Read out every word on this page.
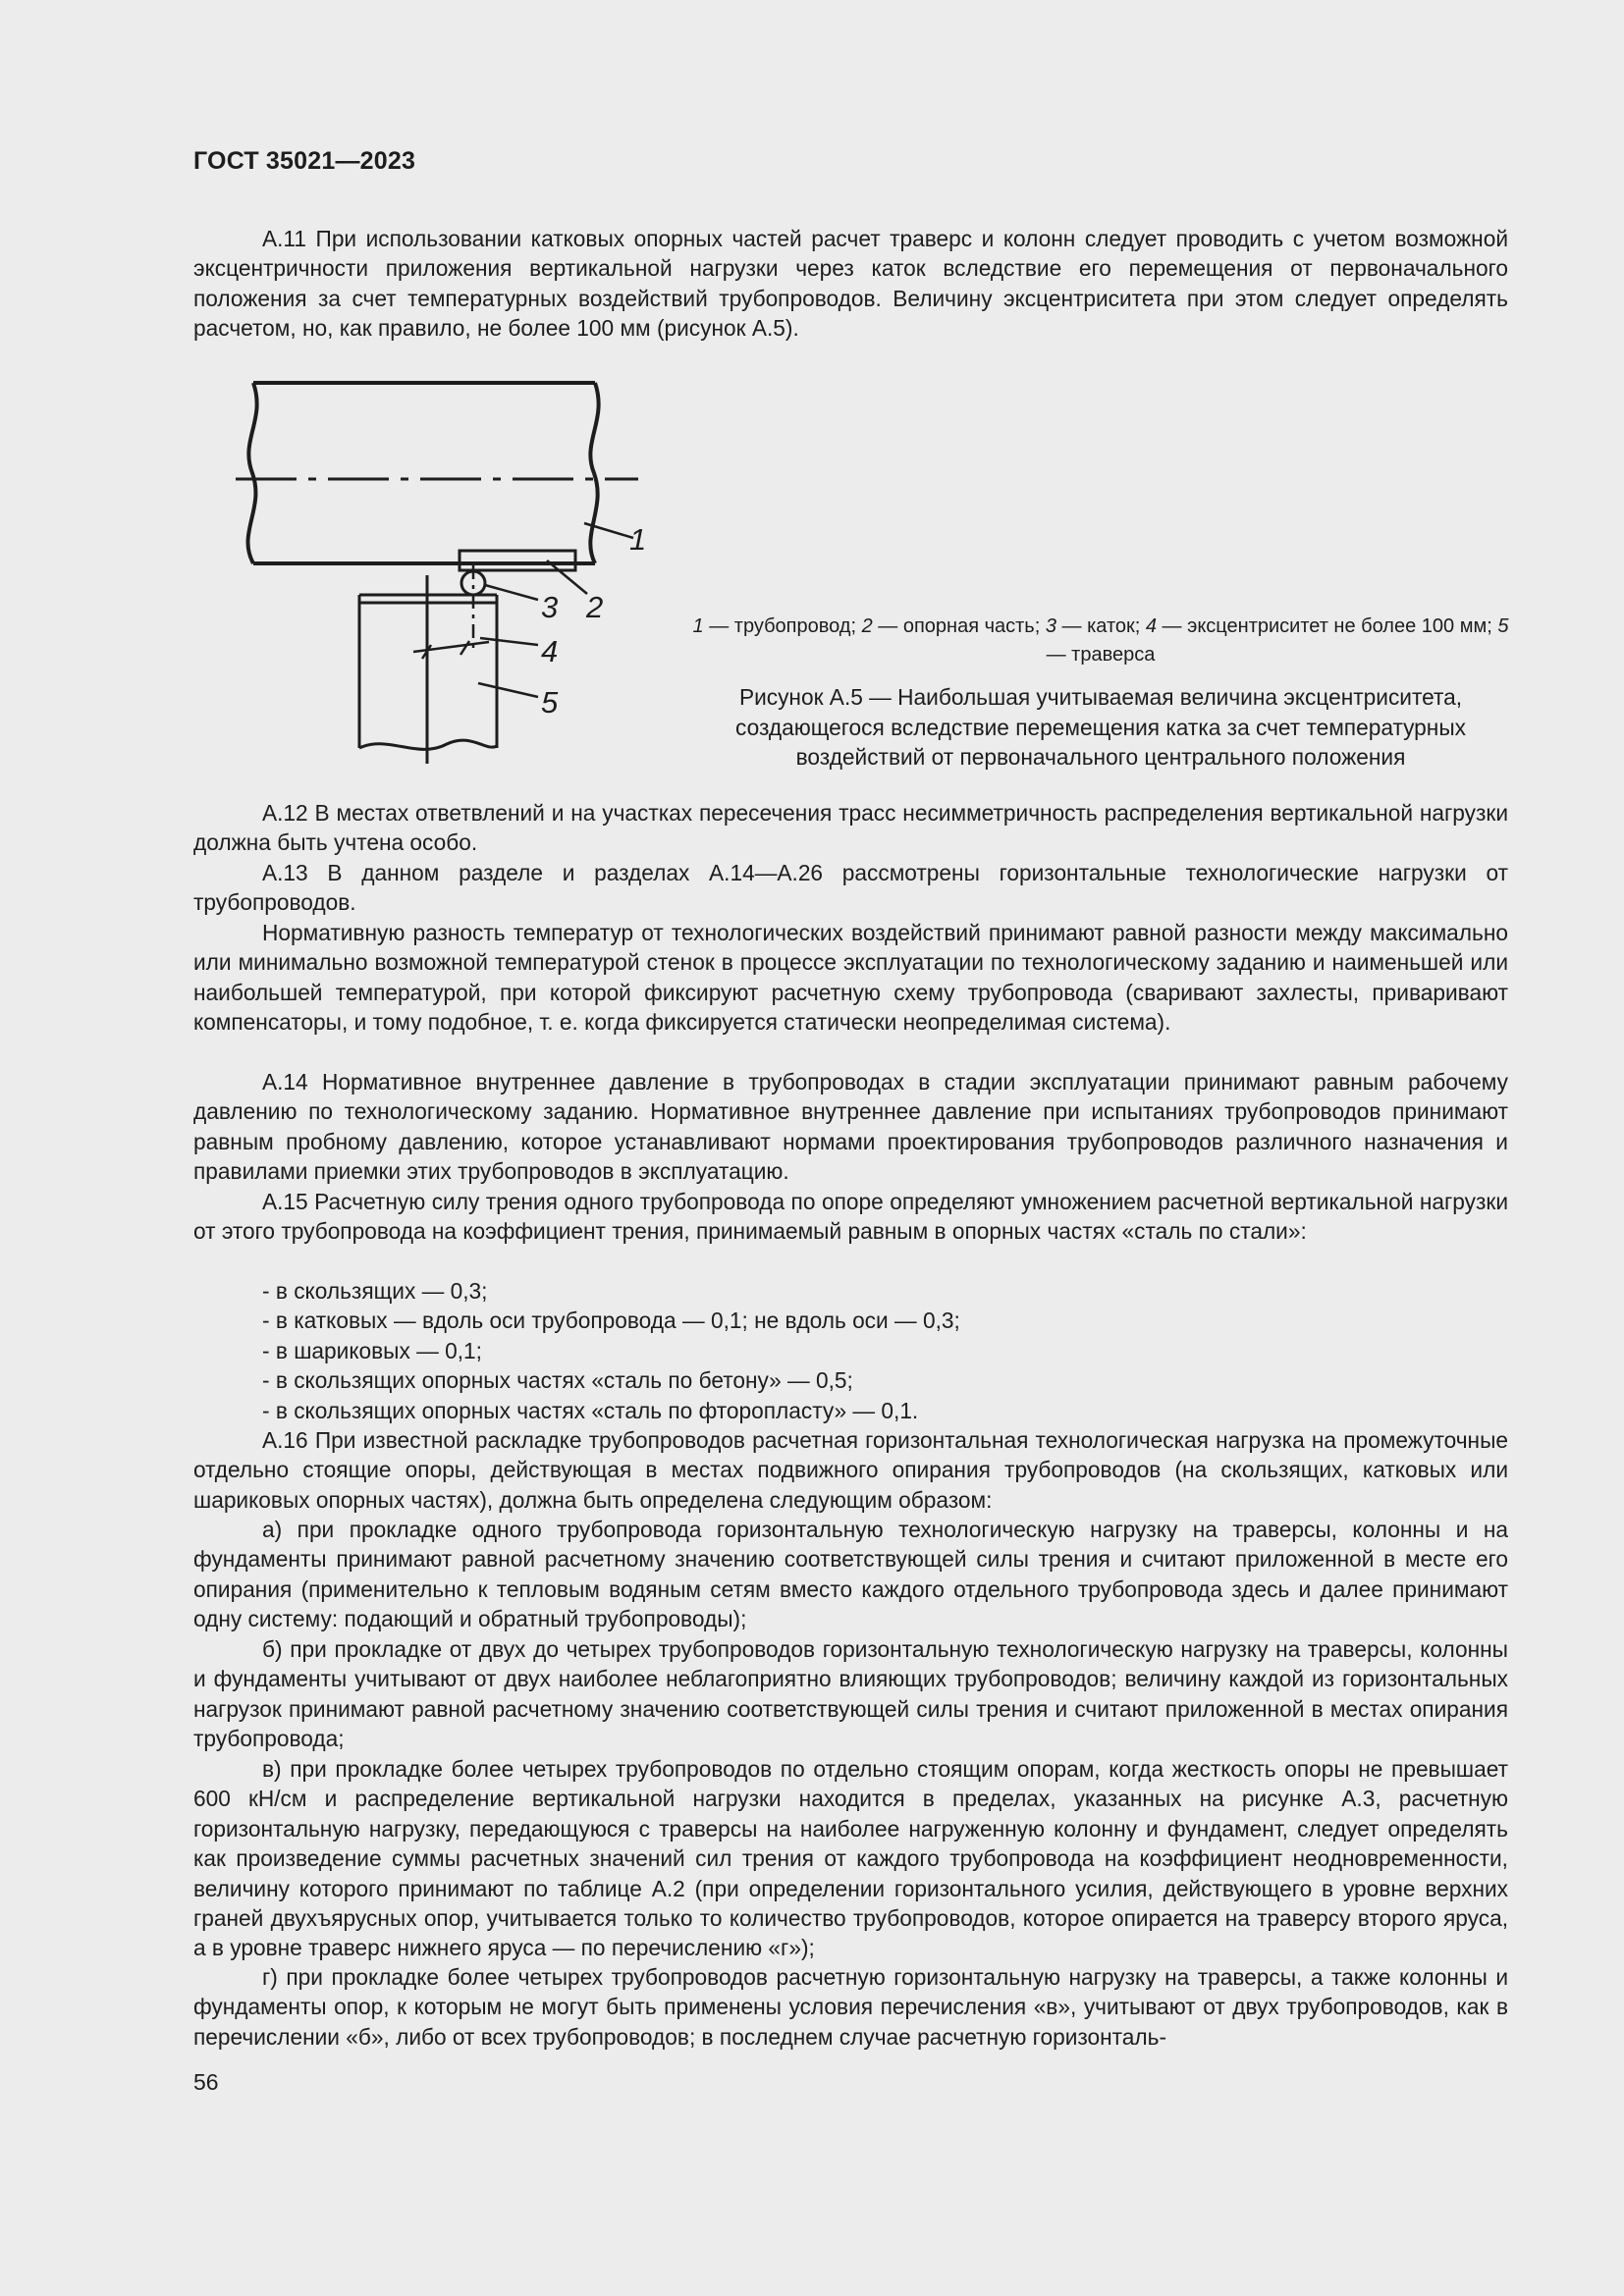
ГОСТ 35021—2023

А.11 При использовании катковых опорных частей расчет траверс и колонн следует проводить с учетом возможной эксцентричности приложения вертикальной нагрузки через каток вследствие его перемещения от первоначального положения за счет температурных воздействий трубопроводов. Величину эксцентриситета при этом следует определять расчетом, но, как правило, не более 100 мм (рисунок А.5).

1
2
3
4
5
1 — трубопровод; 2 — опорная часть; 3 — каток; 4 — эксцентриситет не более 100 мм; 5 — траверса
Рисунок А.5 — Наибольшая учитываемая величина эксцентриситета, создающегося вследствие перемещения катка за счет температурных воздействий от первоначального центрального положения

А.12 В местах ответвлений и на участках пересечения трасс несимметричность распределения вертикальной нагрузки должна быть учтена особо.

А.13 В данном разделе и разделах А.14—А.26 рассмотрены горизонтальные технологические нагрузки от трубопроводов.

Нормативную разность температур от технологических воздействий принимают равной разности между максимально или минимально возможной температурой стенок в процессе эксплуатации по технологическому заданию и наименьшей или наибольшей температурой, при которой фиксируют расчетную схему трубопровода (сваривают захлесты, приваривают компенсаторы, и тому подобное, т. е. когда фиксируется статически неопределимая система).

А.14 Нормативное внутреннее давление в трубопроводах в стадии эксплуатации принимают равным рабочему давлению по технологическому заданию. Нормативное внутреннее давление при испытаниях трубопроводов принимают равным пробному давлению, которое устанавливают нормами проектирования трубопроводов различного назначения и правилами приемки этих трубопроводов в эксплуатацию.

А.15 Расчетную силу трения одного трубопровода по опоре определяют умножением расчетной вертикальной нагрузки от этого трубопровода на коэффициент трения, принимаемый равным в опорных частях «сталь по стали»:

- в скользящих — 0,3;

- в катковых — вдоль оси трубопровода — 0,1; не вдоль оси — 0,3;

- в шариковых — 0,1;

- в скользящих опорных частях «сталь по бетону» — 0,5;

- в скользящих опорных частях «сталь по фторопласту» — 0,1.

А.16 При известной раскладке трубопроводов расчетная горизонтальная технологическая нагрузка на промежуточные отдельно стоящие опоры, действующая в местах подвижного опирания трубопроводов (на скользящих, катковых или шариковых опорных частях), должна быть определена следующим образом:

а) при прокладке одного трубопровода горизонтальную технологическую нагрузку на траверсы, колонны и на фундаменты принимают равной расчетному значению соответствующей силы трения и считают приложенной в месте его опирания (применительно к тепловым водяным сетям вместо каждого отдельного трубопровода здесь и далее принимают одну систему: подающий и обратный трубопроводы);

б) при прокладке от двух до четырех трубопроводов горизонтальную технологическую нагрузку на траверсы, колонны и фундаменты учитывают от двух наиболее неблагоприятно влияющих трубопроводов; величину каждой из горизонтальных нагрузок принимают равной расчетному значению соответствующей силы трения и считают приложенной в местах опирания трубопровода;

в) при прокладке более четырех трубопроводов по отдельно стоящим опорам, когда жесткость опоры не превышает 600 кН/см и распределение вертикальной нагрузки находится в пределах, указанных на рисунке А.3, расчетную горизонтальную нагрузку, передающуюся с траверсы на наиболее нагруженную колонну и фундамент, следует определять как произведение суммы расчетных значений сил трения от каждого трубопровода на коэффициент неодновременности, величину которого принимают по таблице А.2 (при определении горизонтального усилия, действующего в уровне верхних граней двухъярусных опор, учитывается только то количество трубопроводов, которое опирается на траверсу второго яруса, а в уровне траверс нижнего яруса — по перечислению «г»);

г) при прокладке более четырех трубопроводов расчетную горизонтальную нагрузку на траверсы, а также колонны и фундаменты опор, к которым не могут быть применены условия перечисления «в», учитывают от двух трубопроводов, как в перечислении «б», либо от всех трубопроводов; в последнем случае расчетную горизонталь-

56
